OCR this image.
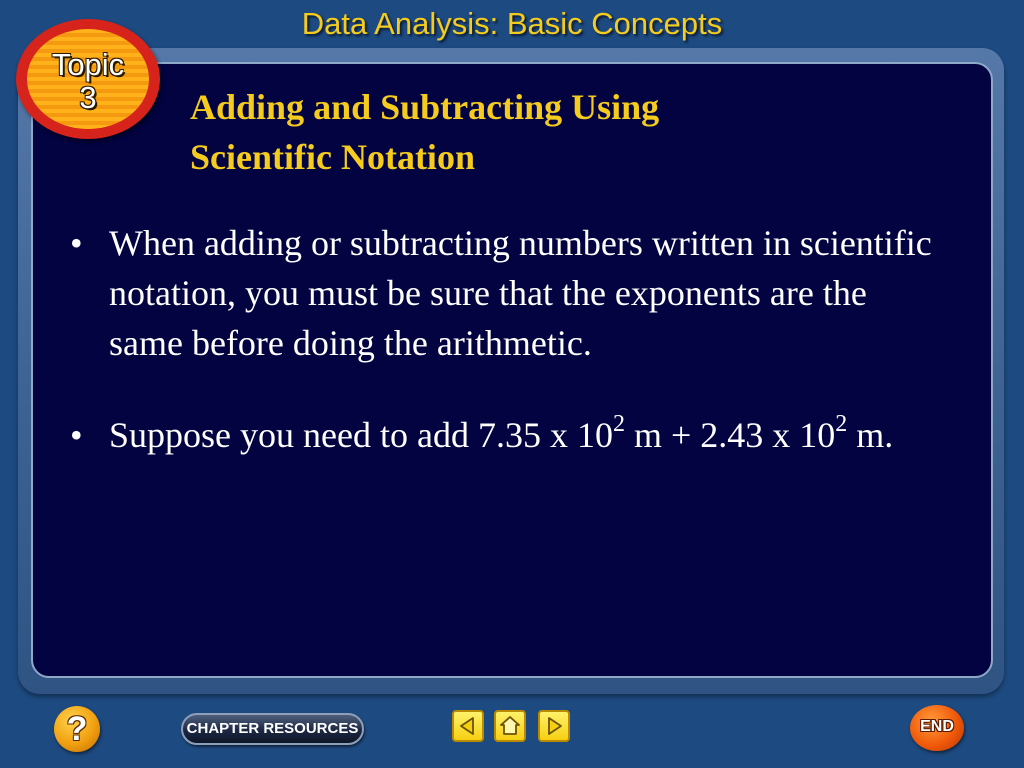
Data Analysis: Basic Concepts
Topic
3	Adding and Subtracting Using
Scientific Notation
• When adding or subtracting numbers written in scientific notation, you must be sure that the exponents are the same before doing the arithmetic.
• Suppose you need to add 7.35 x $10^2$ m + 2.43 x $10^2$ m.
?	CHAPTER RESOURCES	END
